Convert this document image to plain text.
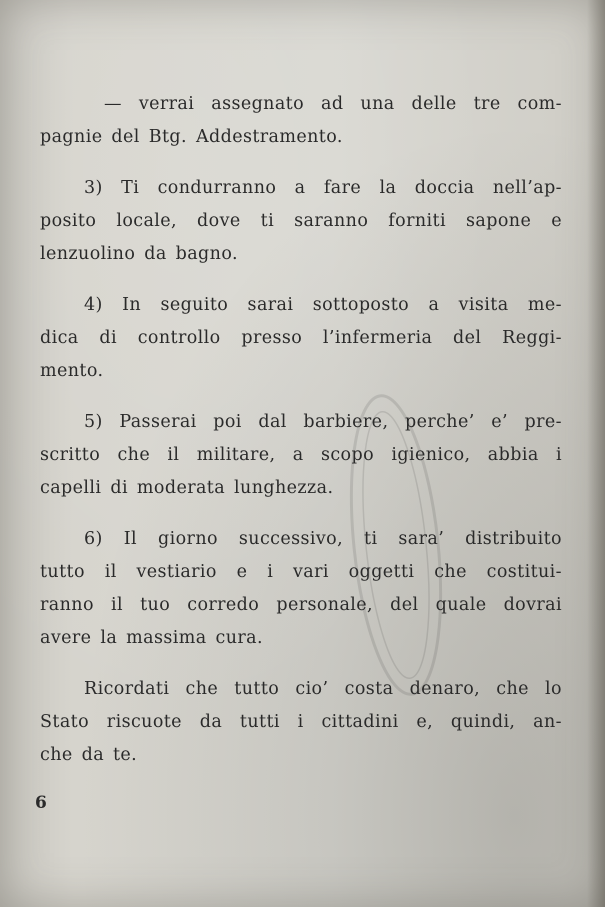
— verrai assegnato ad una delle tre com-
pagnie del Btg. Addestramento.

3) Ti condurranno a fare la doccia nell’ap-
posito locale, dove ti saranno forniti sapone e
lenzuolino da bagno.

4) In seguito sarai sottoposto a visita me-
dica di controllo presso l’infermeria del Reggi-
mento.

5) Passerai poi dal barbiere, perche’ e’ pre-
scritto che il militare, a scopo igienico, abbia i
capelli di moderata lunghezza.

6) Il giorno successivo, ti sara’ distribuito
tutto il vestiario e i vari oggetti che costitui-
ranno il tuo corredo personale, del quale dovrai
avere la massima cura.

Ricordati che tutto cio’ costa denaro, che lo
Stato riscuote da tutti i cittadini e, quindi, an-
che da te.

6
